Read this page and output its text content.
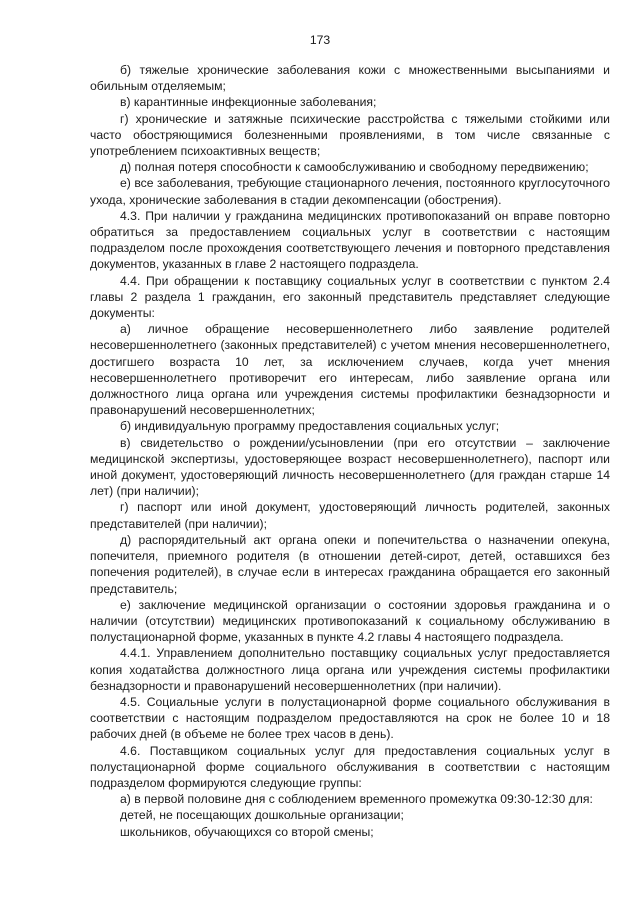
173

б) тяжелые хронические заболевания кожи с множественными высыпаниями и обильным отделяемым;

в) карантинные инфекционные заболевания;

г) хронические и затяжные психические расстройства с тяжелыми стойкими или часто обостряющимися болезненными проявлениями, в том числе связанные с употреблением психоактивных веществ;

д) полная потеря способности к самообслуживанию и свободному передвижению;

е) все заболевания, требующие стационарного лечения, постоянного круглосуточного ухода, хронические заболевания в стадии декомпенсации (обострения).

4.3. При наличии у гражданина медицинских противопоказаний он вправе повторно обратиться за предоставлением социальных услуг в соответствии с настоящим подразделом после прохождения соответствующего лечения и повторного представления документов, указанных в главе 2 настоящего подраздела.

4.4. При обращении к поставщику социальных услуг в соответствии с пунктом 2.4 главы 2 раздела 1 гражданин, его законный представитель представляет следующие документы:

а) личное обращение несовершеннолетнего либо заявление родителей несовершеннолетнего (законных представителей) с учетом мнения несовершеннолетнего, достигшего возраста 10 лет, за исключением случаев, когда учет мнения несовершеннолетнего противоречит его интересам, либо заявление органа или должностного лица органа или учреждения системы профилактики безнадзорности и правонарушений несовершеннолетних;

б) индивидуальную программу предоставления социальных услуг;

в) свидетельство о рождении/усыновлении (при его отсутствии – заключение медицинской экспертизы, удостоверяющее возраст несовершеннолетнего), паспорт или иной документ, удостоверяющий личность несовершеннолетнего (для граждан старше 14 лет) (при наличии);

г) паспорт или иной документ, удостоверяющий личность родителей, законных представителей (при наличии);

д) распорядительный акт органа опеки и попечительства о назначении опекуна, попечителя, приемного родителя (в отношении детей-сирот, детей, оставшихся без попечения родителей), в случае если в интересах гражданина обращается его законный представитель;

е) заключение медицинской организации о состоянии здоровья гражданина и о наличии (отсутствии) медицинских противопоказаний к социальному обслуживанию в полустационарной форме, указанных в пункте 4.2 главы 4 настоящего подраздела.

4.4.1. Управлением дополнительно поставщику социальных услуг предоставляется копия ходатайства должностного лица органа или учреждения системы профилактики безнадзорности и правонарушений несовершеннолетних (при наличии).

4.5. Социальные услуги в полустационарной форме социального обслуживания в соответствии с настоящим подразделом предоставляются на срок не более 10 и 18 рабочих дней (в объеме не более трех часов в день).

4.6. Поставщиком социальных услуг для предоставления социальных услуг в полустационарной форме социального обслуживания в соответствии с настоящим подразделом формируются следующие группы:

а) в первой половине дня с соблюдением временного промежутка 09:30-12:30 для:

детей, не посещающих дошкольные организации;

школьников, обучающихся со второй смены;
